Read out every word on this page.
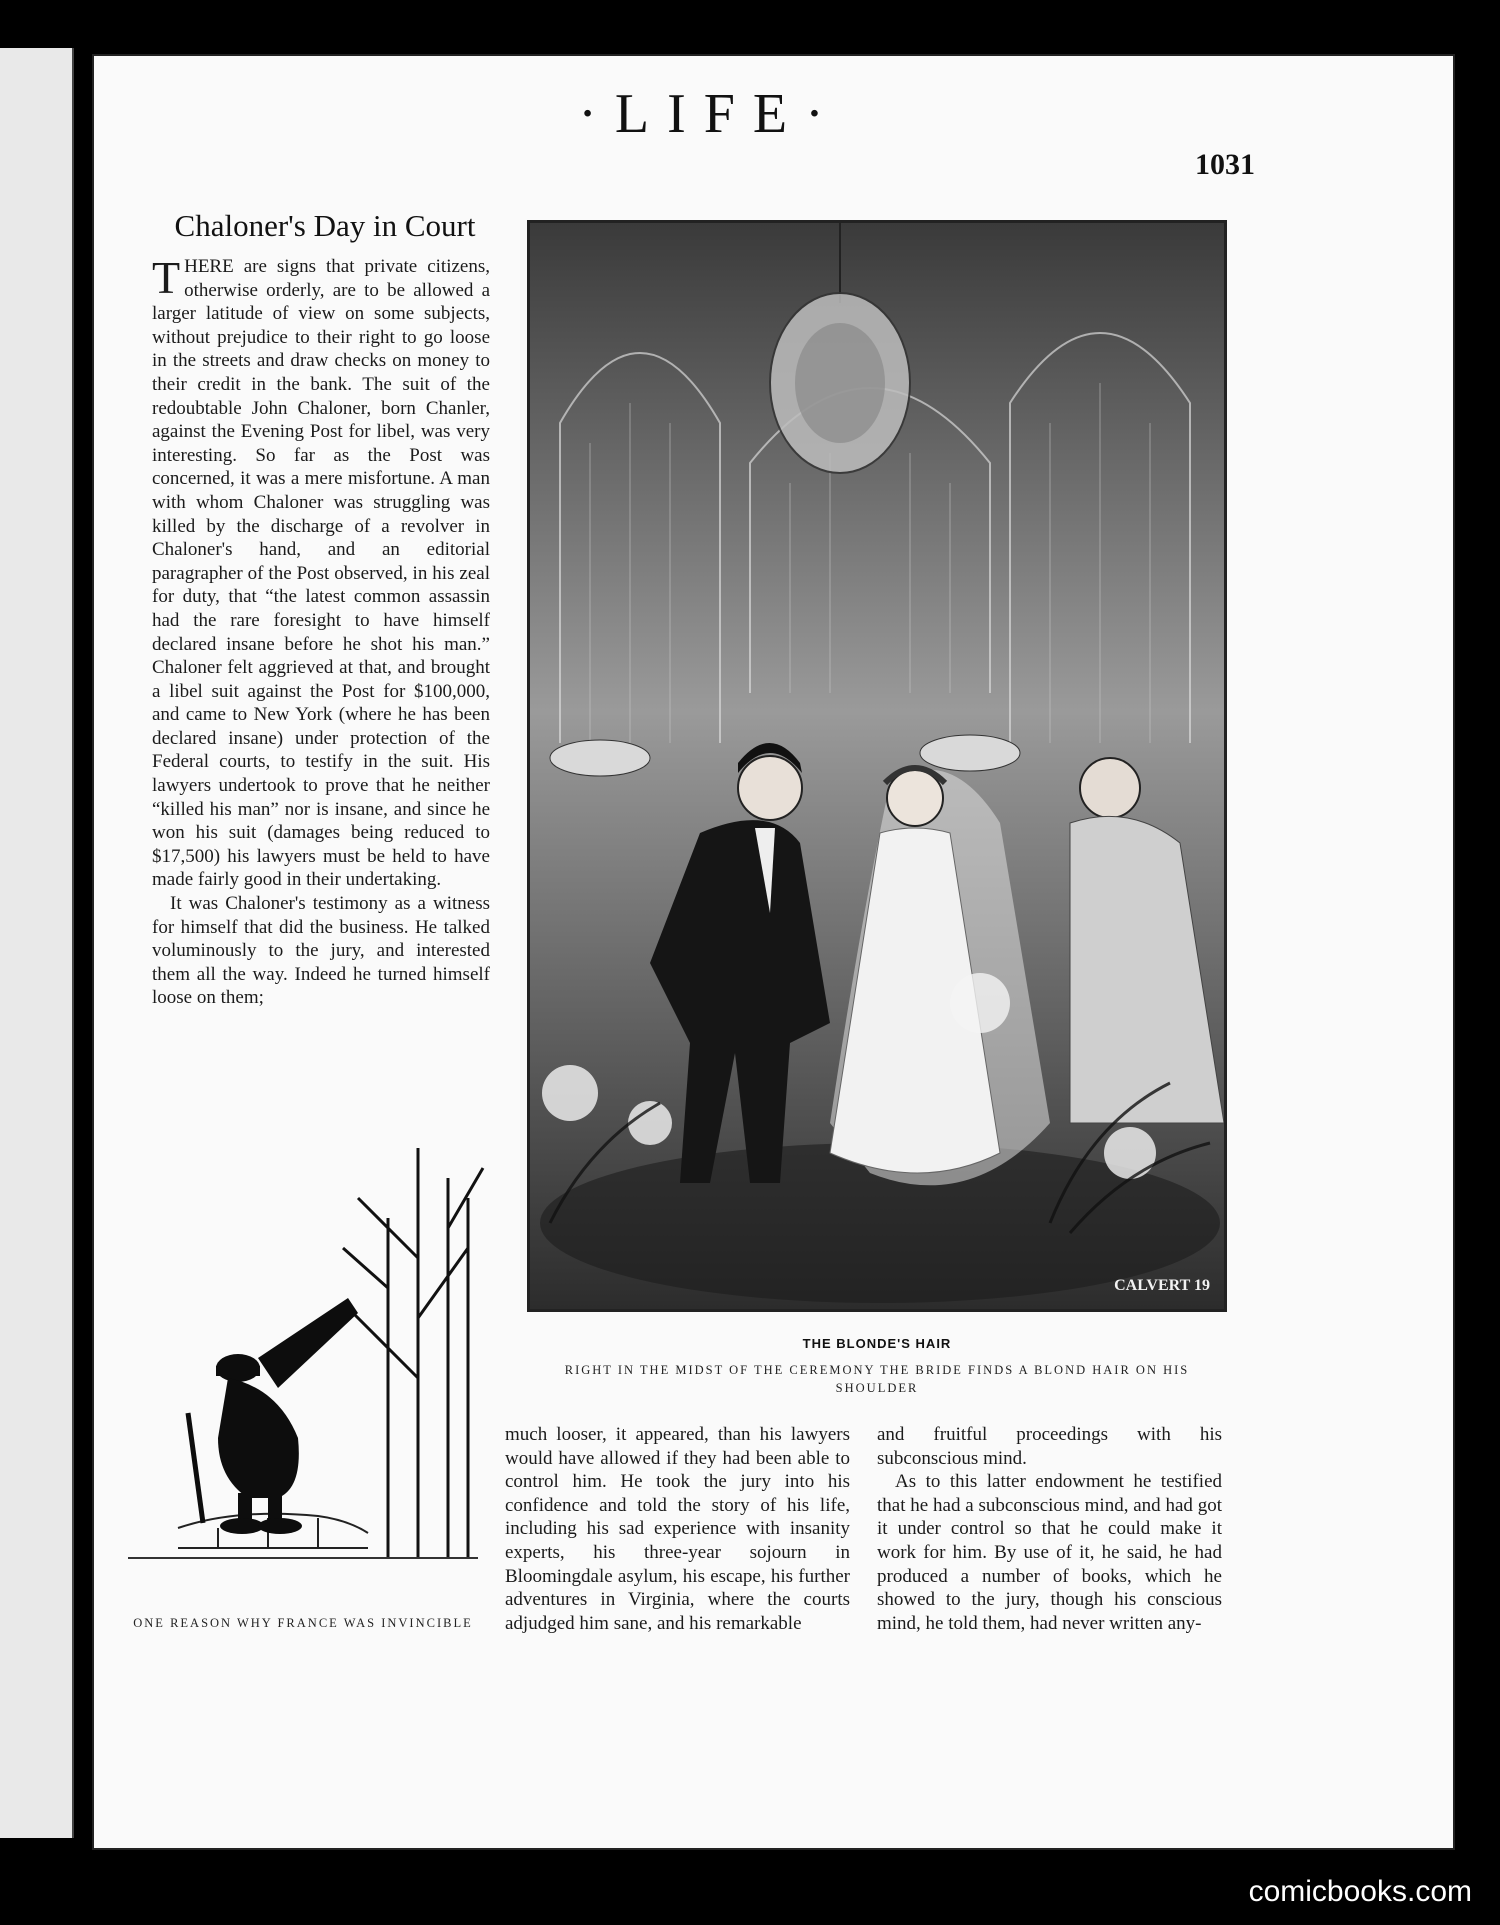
·LIFE·
1031
Chaloner's Day in Court

THERE are signs that private citizens, otherwise orderly, are to be allowed a larger latitude of view on some subjects, without prejudice to their right to go loose in the streets and draw checks on money to their credit in the bank. The suit of the redoubtable John Chaloner, born Chanler, against the Evening Post for libel, was very interesting. So far as the Post was concerned, it was a mere misfortune. A man with whom Chaloner was struggling was killed by the discharge of a revolver in Chaloner's hand, and an editorial paragrapher of the Post observed, in his zeal for duty, that “the latest common assassin had the rare foresight to have himself declared insane before he shot his man.” Chaloner felt aggrieved at that, and brought a libel suit against the Post for $100,000, and came to New York (where he has been declared insane) under protection of the Federal courts, to testify in the suit. His lawyers undertook to prove that he neither “killed his man” nor is insane, and since he won his suit (damages being reduced to $17,500) his lawyers must be held to have made fairly good in their undertaking.

It was Chaloner's testimony as a witness for himself that did the business. He talked voluminously to the jury, and interested them all the way. Indeed he turned himself loose on them;

CALVERT 19
THE BLONDE'S HAIR
RIGHT IN THE MIDST OF THE CEREMONY THE BRIDE FINDS A BLOND HAIR ON HIS SHOULDER

much looser, it appeared, than his lawyers would have allowed if they had been able to control him. He took the jury into his confidence and told the story of his life, including his sad experience with insanity experts, his three-year sojourn in Bloomingdale asylum, his escape, his further adventures in Virginia, where the courts adjudged him sane, and his remarkable

and fruitful proceedings with his subconscious mind.

As to this latter endowment he testified that he had a subconscious mind, and had got it under control so that he could make it work for him. By use of it, he said, he had produced a number of books, which he showed to the jury, though his conscious mind, he told them, had never written any-

ONE REASON WHY FRANCE WAS INVINCIBLE
comicbooks.com
